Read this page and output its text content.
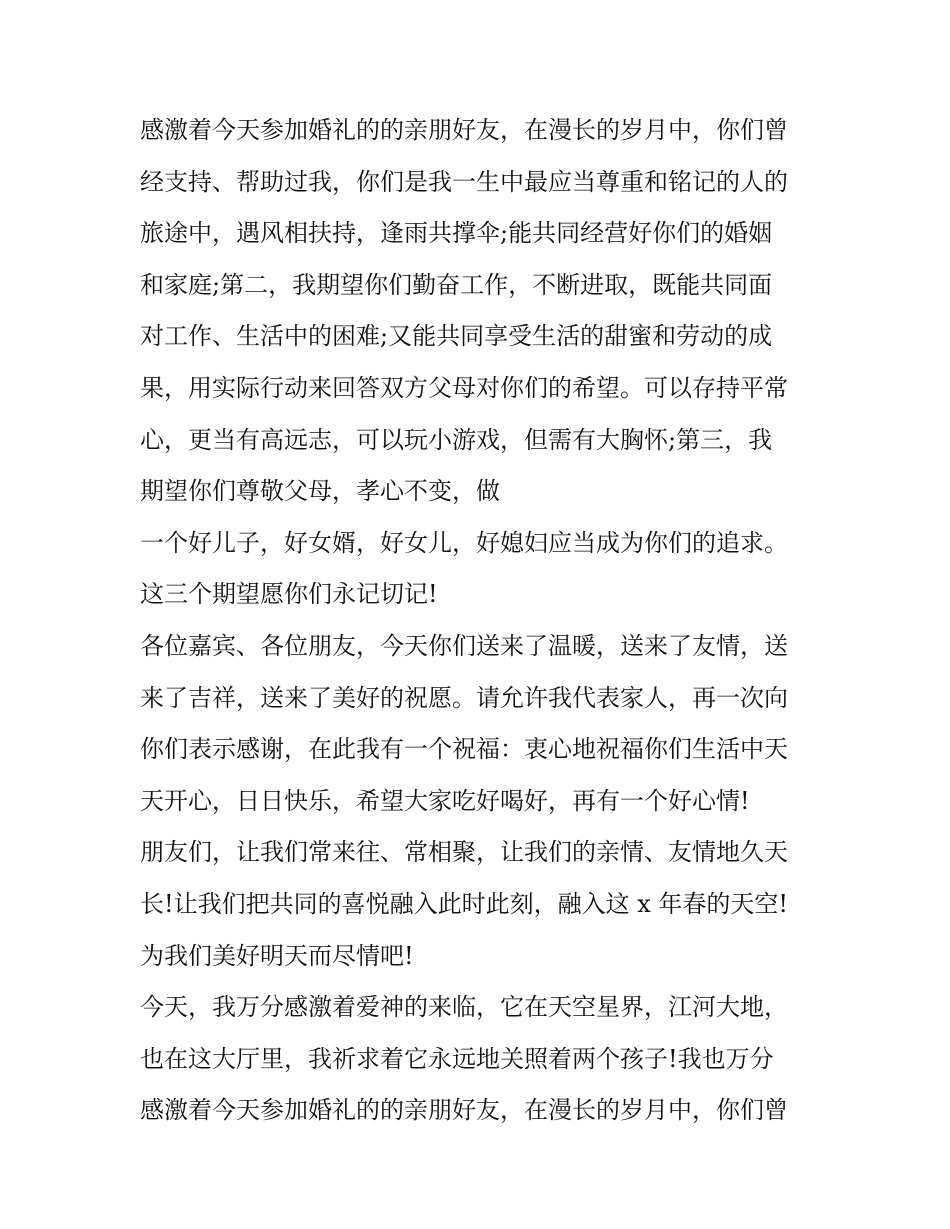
感激着今天参加婚礼的的亲朋好友，在漫长的岁月中，你们曾
经支持、帮助过我，你们是我一生中最应当尊重和铭记的人的
旅途中，遇风相扶持，逢雨共撑伞;能共同经营好你们的婚姻
和家庭;第二，我期望你们勤奋工作，不断进取，既能共同面
对工作、生活中的困难;又能共同享受生活的甜蜜和劳动的成
果，用实际行动来回答双方父母对你们的希望。可以存持平常
心，更当有高远志，可以玩小游戏，但需有大胸怀;第三，我
期望你们尊敬父母，孝心不变，做
一个好儿子，好女婿，好女儿，好媳妇应当成为你们的追求。
这三个期望愿你们永记切记!
各位嘉宾、各位朋友，今天你们送来了温暖，送来了友情，送
来了吉祥，送来了美好的祝愿。请允许我代表家人，再一次向
你们表示感谢，在此我有一个祝福：衷心地祝福你们生活中天
天开心，日日快乐，希望大家吃好喝好，再有一个好心情!
朋友们，让我们常来往、常相聚，让我们的亲情、友情地久天
长!让我们把共同的喜悦融入此时此刻，融入这 x 年春的天空!
为我们美好明天而尽情吧!
今天，我万分感激着爱神的来临，它在天空星界，江河大地，
也在这大厅里，我祈求着它永远地关照着两个孩子!我也万分
感激着今天参加婚礼的的亲朋好友，在漫长的岁月中，你们曾
